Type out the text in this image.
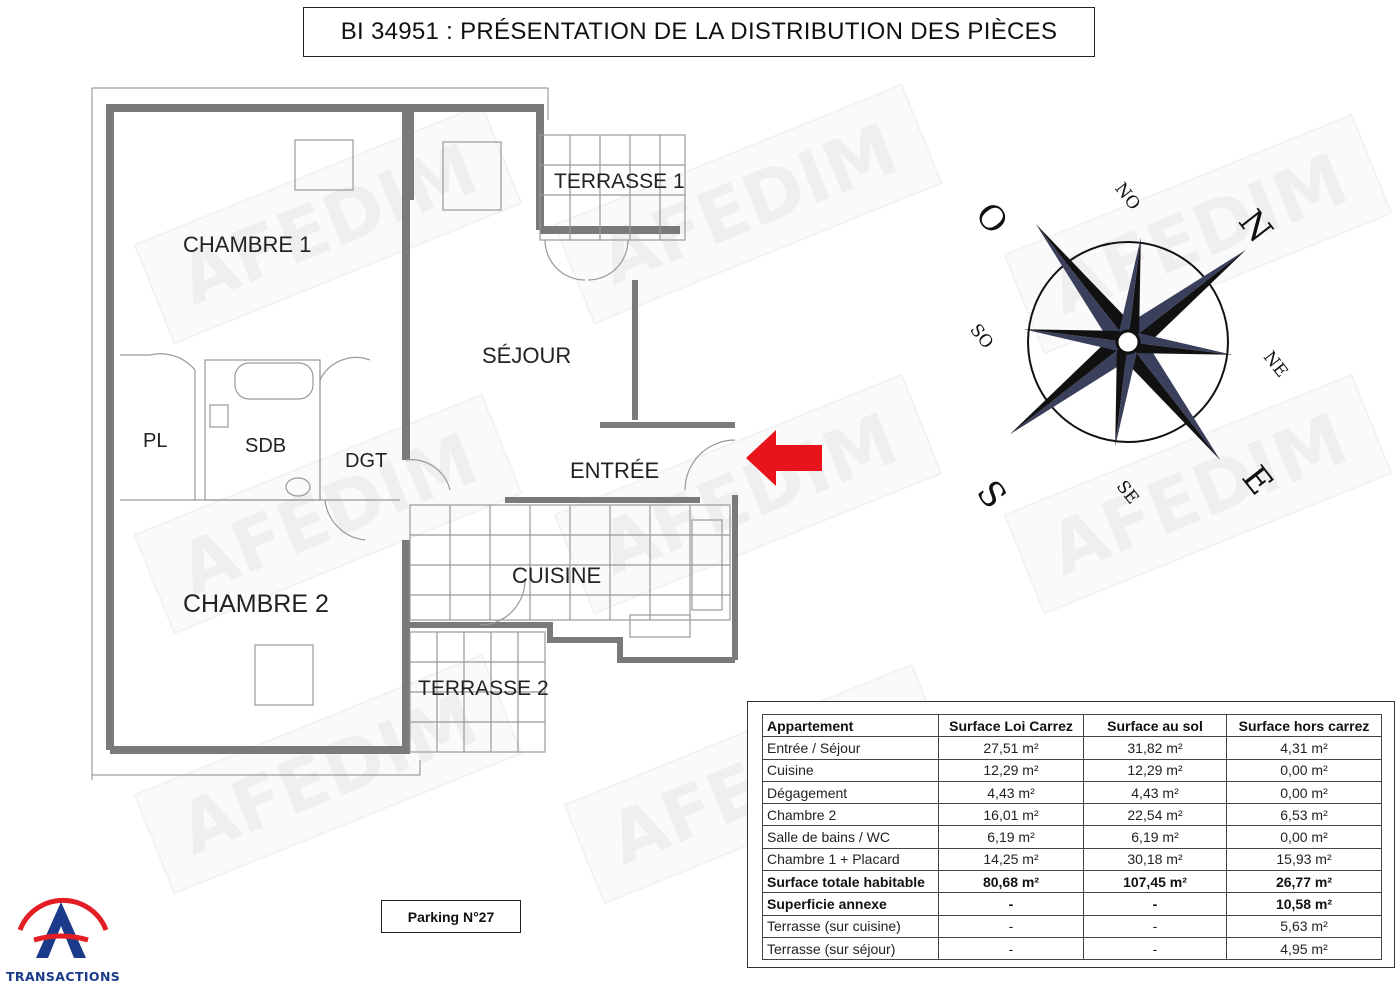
BI 34951 : PRÉSENTATION DE LA DISTRIBUTION DES PIÈCES
CHAMBRE 1
SÉJOUR
TERRASSE 1
PL	SDB
DGT	ENTRÉE
CUISINE
CHAMBRE 2
TERRASSE 2
N
O
S	E
NE
NO
SE
SO
Parking N°27
TRANSACTIONS
Appartement	Surface Loi Carrez	Surface au sol	Surface hors carrez
Entrée / Séjour	27,51 m²	31,82 m²	4,31 m²
Cuisine	12,29 m²	12,29 m²	0,00 m²
Dégagement	4,43 m²	4,43 m²	0,00 m²
Chambre 2	16,01 m²	22,54 m²	6,53 m²
Salle de bains / WC	6,19 m²	6,19 m²	0,00 m²
Chambre 1 + Placard	14,25 m²	30,18 m²	15,93 m²
Surface totale habitable	80,68 m²	107,45 m²	26,77 m²
Superficie annexe	-	-	10,58 m²
Terrasse (sur cuisine)	-	-	5,63 m²
Terrasse (sur séjour)	-	-	4,95 m²
